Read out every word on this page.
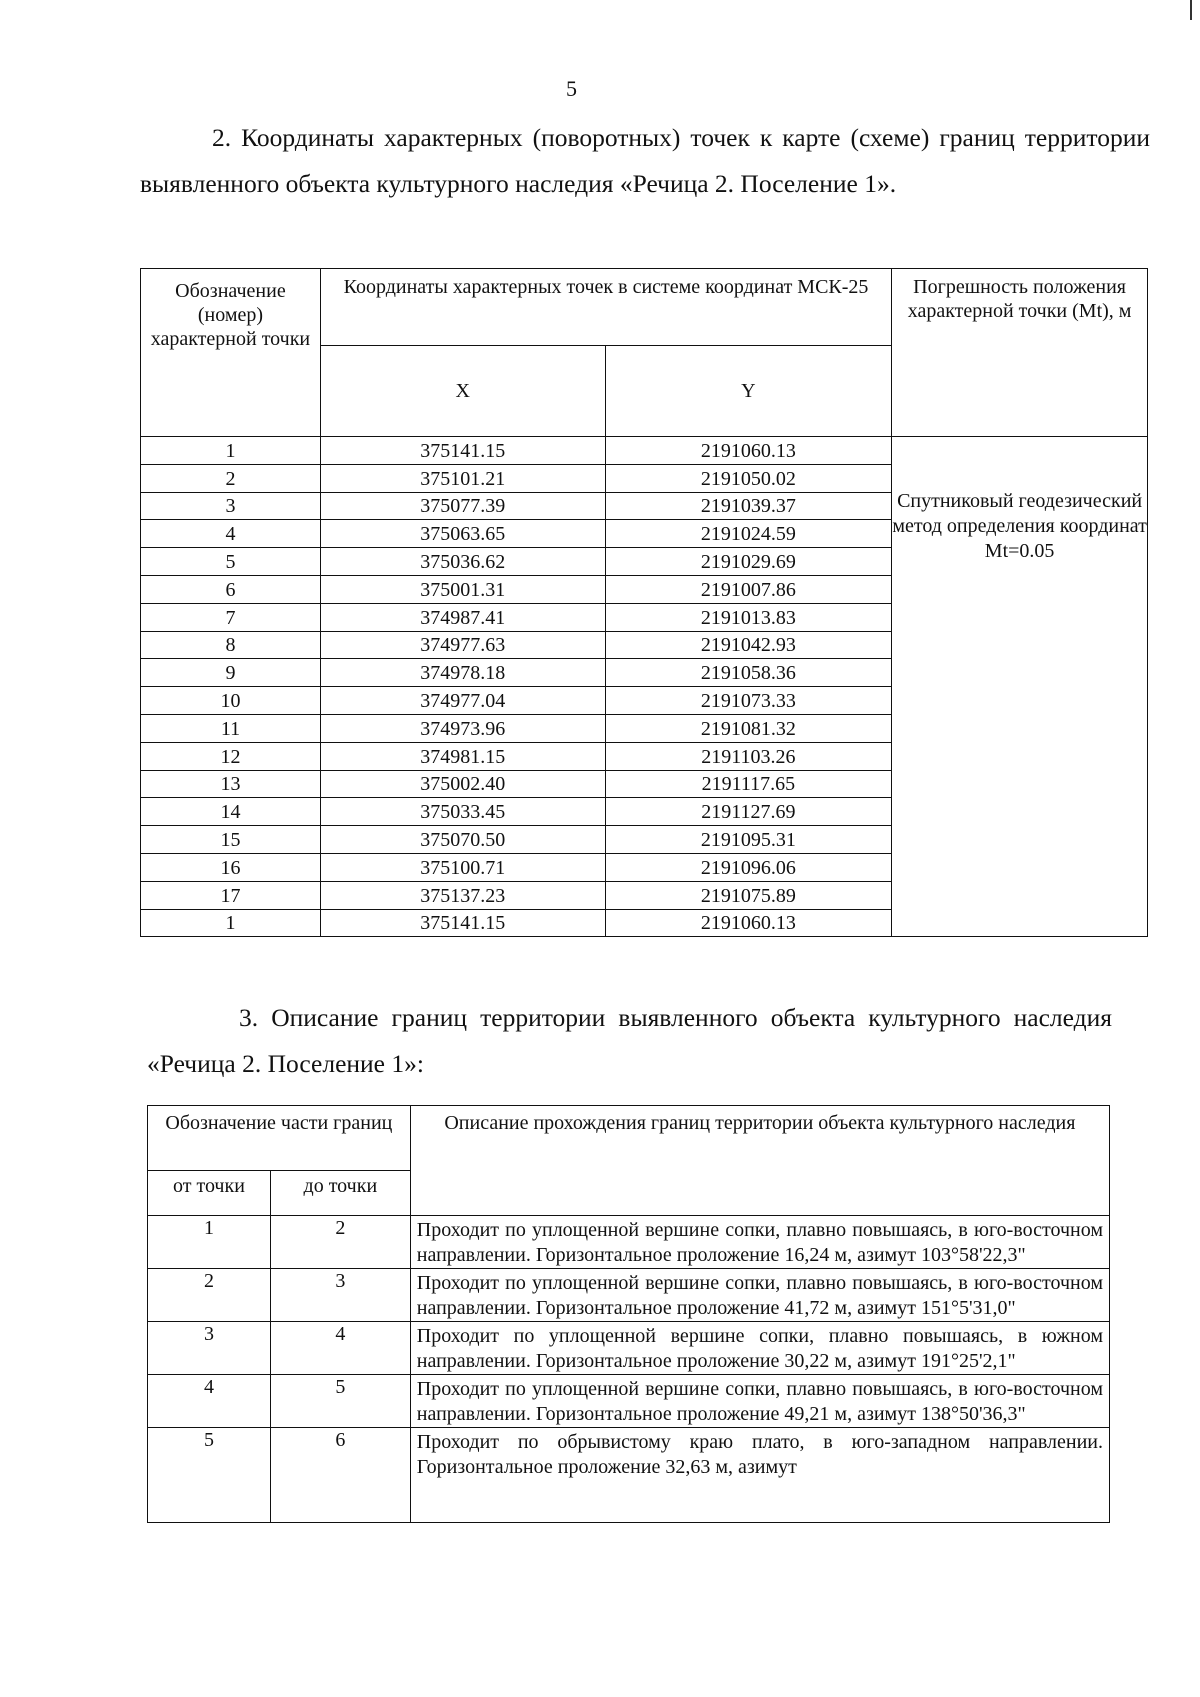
5
2. Координаты характерных (поворотных) точек к карте (схеме) границ территории выявленного объекта культурного наследия «Речица 2. Поселение 1».
Обозначение (номер) характерной точки	Координаты характерных точек в системе координат МСК-25		Погрешность положения характерной точки (Mt), м
	X	Y	
1	375141.15	2191060.13	Спутниковый геодезический метод определения координат Mt=0.05
2	375101.21	2191050.02	
3	375077.39	2191039.37	
4	375063.65	2191024.59	
5	375036.62	2191029.69	
6	375001.31	2191007.86	
7	374987.41	2191013.83	
8	374977.63	2191042.93	
9	374978.18	2191058.36	
10	374977.04	2191073.33	
11	374973.96	2191081.32	
12	374981.15	2191103.26	
13	375002.40	2191117.65	
14	375033.45	2191127.69	
15	375070.50	2191095.31	
16	375100.71	2191096.06	
17	375137.23	2191075.89	
1	375141.15	2191060.13	
3. Описание границ территории выявленного объекта культурного наследия «Речица 2. Поселение 1»:
Обозначение части границ		Описание прохождения границ территории объекта культурного наследия
от точки	до точки	
1	2	Проходит по уплощенной вершине сопки, плавно повышаясь, в юго-восточном направлении. Горизонтальное проложение 16,24 м, азимут 103°58'22,3"
2	3	Проходит по уплощенной вершине сопки, плавно повышаясь, в юго-восточном направлении. Горизонтальное проложение 41,72 м, азимут 151°5'31,0"
3	4	Проходит по уплощенной вершине сопки, плавно повышаясь, в южном направлении. Горизонтальное проложение 30,22 м, азимут 191°25'2,1"
4	5	Проходит по уплощенной вершине сопки, плавно повышаясь, в юго-восточном направлении. Горизонтальное проложение 49,21 м, азимут 138°50'36,3"
5	6	Проходит по обрывистому краю плато, в юго-западном направлении. Горизонтальное проложение 32,63 м, азимут
